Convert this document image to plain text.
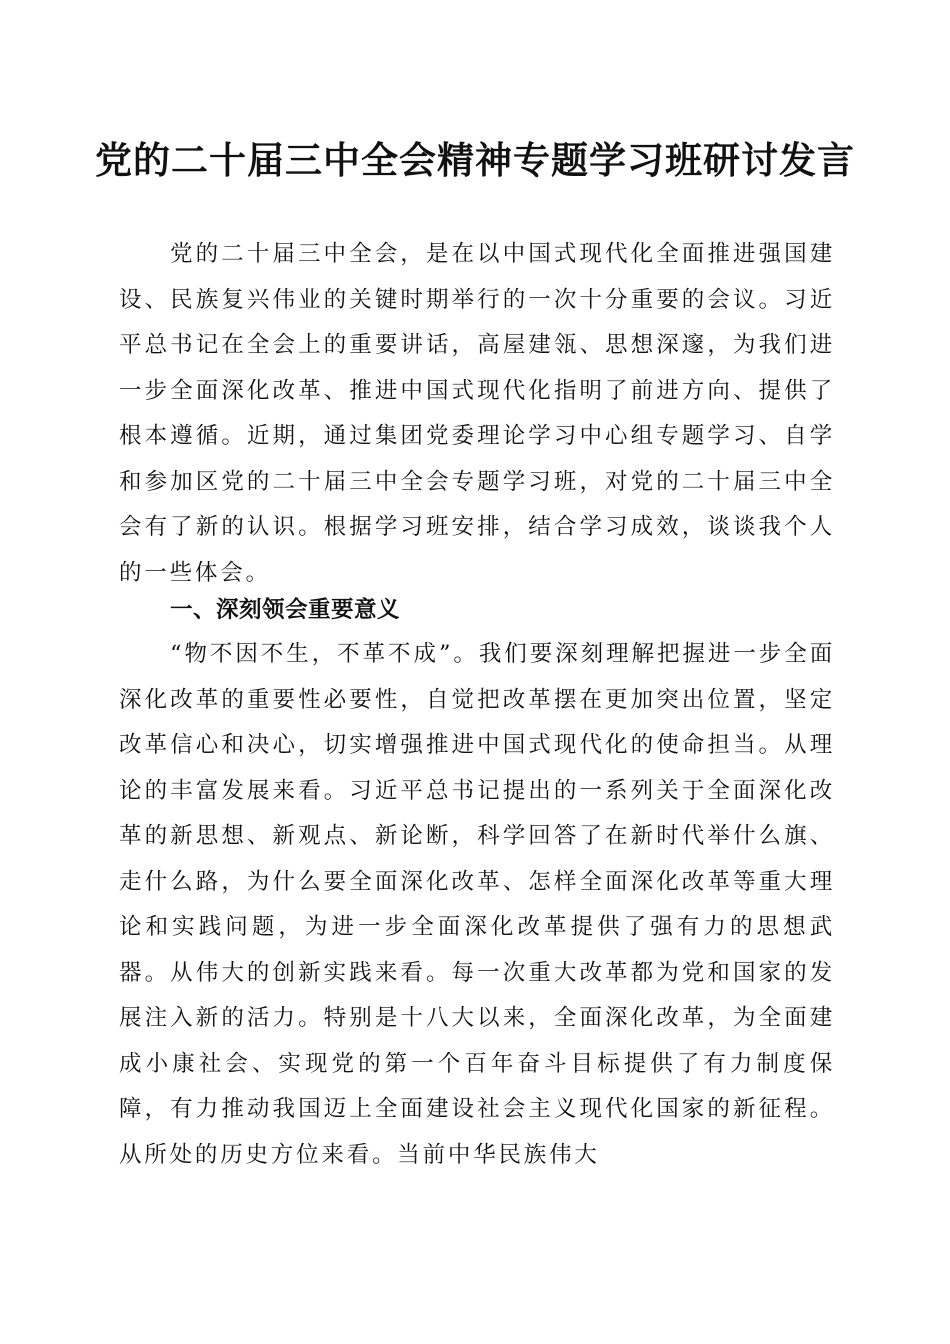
党的二十届三中全会精神专题学习班研讨发言

党的二十届三中全会，是在以中国式现代化全面推进强国建设、民族复兴伟业的关键时期举行的一次十分重要的会议。习近平总书记在全会上的重要讲话，高屋建瓴、思想深邃，为我们进一步全面深化改革、推进中国式现代化指明了前进方向、提供了根本遵循。近期，通过集团党委理论学习中心组专题学习、自学和参加区党的二十届三中全会专题学习班，对党的二十届三中全会有了新的认识。根据学习班安排，结合学习成效，谈谈我个人的一些体会。

一、深刻领会重要意义

“物不因不生，不革不成”。我们要深刻理解把握进一步全面深化改革的重要性必要性，自觉把改革摆在更加突出位置，坚定改革信心和决心，切实增强推进中国式现代化的使命担当。从理论的丰富发展来看。习近平总书记提出的一系列关于全面深化改革的新思想、新观点、新论断，科学回答了在新时代举什么旗、走什么路，为什么要全面深化改革、怎样全面深化改革等重大理论和实践问题，为进一步全面深化改革提供了强有力的思想武器。从伟大的创新实践来看。每一次重大改革都为党和国家的发展注入新的活力。特别是十八大以来，全面深化改革，为全面建成小康社会、实现党的第一个百年奋斗目标提供了有力制度保障，有力推动我国迈上全面建设社会主义现代化国家的新征程。从所处的历史方位来看。当前中华民族伟大
